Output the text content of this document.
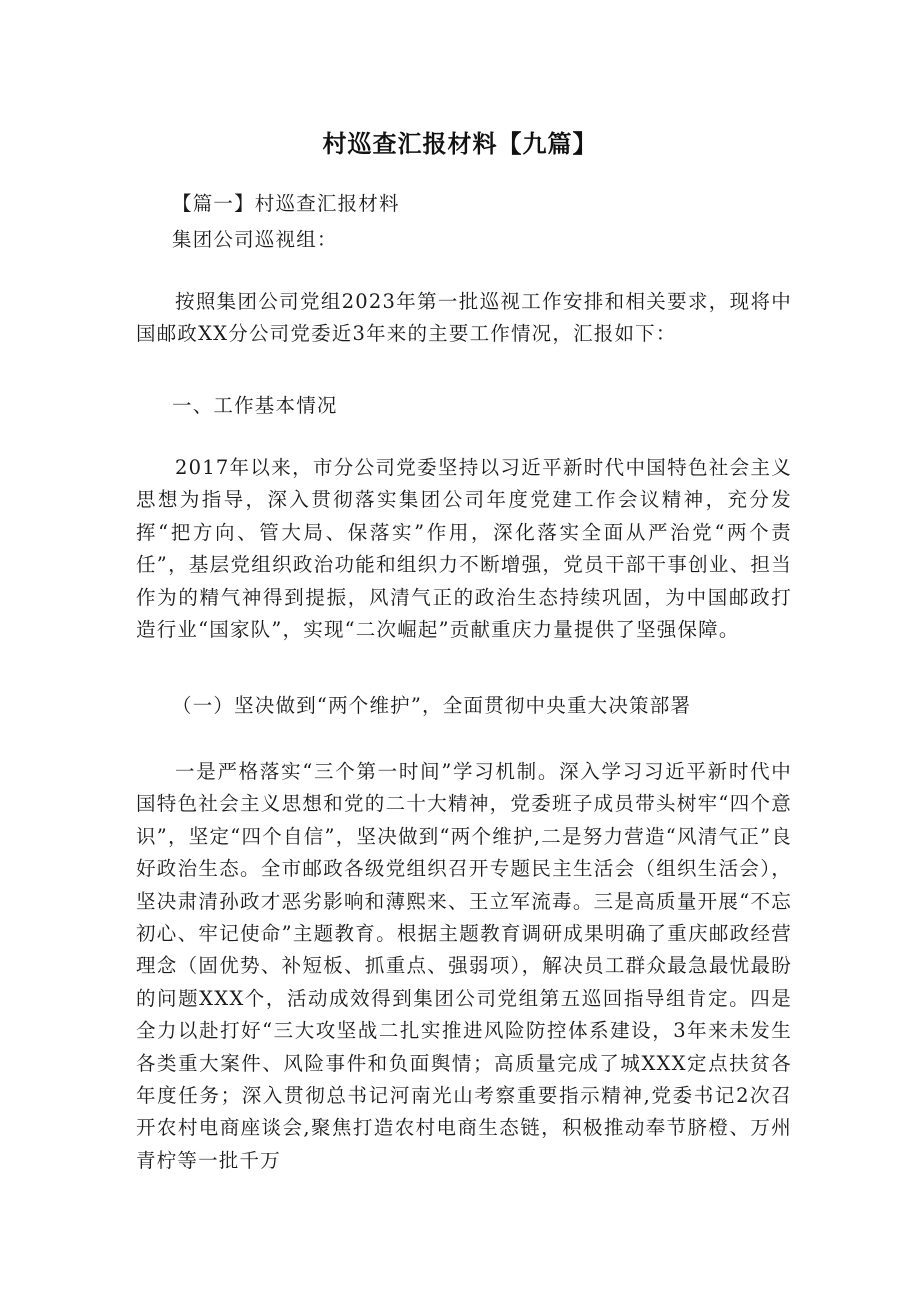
村巡查汇报材料【九篇】
【篇一】村巡查汇报材料
集团公司巡视组：

按照集团公司党组2023年第一批巡视工作安排和相关要求，现将中国邮政XX分公司党委近3年来的主要工作情况，汇报如下：

一、工作基本情况

2017年以来，市分公司党委坚持以习近平新时代中国特色社会主义思想为指导，深入贯彻落实集团公司年度党建工作会议精神，充分发挥“把方向、管大局、保落实”作用，深化落实全面从严治党“两个责任”，基层党组织政治功能和组织力不断增强，党员干部干事创业、担当作为的精气神得到提振，风清气正的政治生态持续巩固，为中国邮政打造行业“国家队”，实现“二次崛起”贡献重庆力量提供了坚强保障。

（一）坚决做到“两个维护”，全面贯彻中央重大决策部署

一是严格落实“三个第一时间”学习机制。深入学习习近平新时代中国特色社会主义思想和党的二十大精神，党委班子成员带头树牢“四个意识”，坚定“四个自信”，坚决做到“两个维护,二是努力营造“风清气正”良好政治生态。全市邮政各级党组织召开专题民主生活会（组织生活会），坚决肃清孙政才恶劣影响和薄熙来、王立军流毒。三是高质量开展“不忘初心、牢记使命”主题教育。根据主题教育调研成果明确了重庆邮政经营理念（固优势、补短板、抓重点、强弱项），解决员工群众最急最忧最盼的问题XXX个，活动成效得到集团公司党组第五巡回指导组肯定。四是全力以赴打好“三大攻坚战二扎实推进风险防控体系建设，3年来未发生各类重大案件、风险事件和负面舆情；高质量完成了城XXX定点扶贫各年度任务；深入贯彻总书记河南光山考察重要指示精神,党委书记2次召开农村电商座谈会,聚焦打造农村电商生态链，积极推动奉节脐橙、万州青柠等一批千万
